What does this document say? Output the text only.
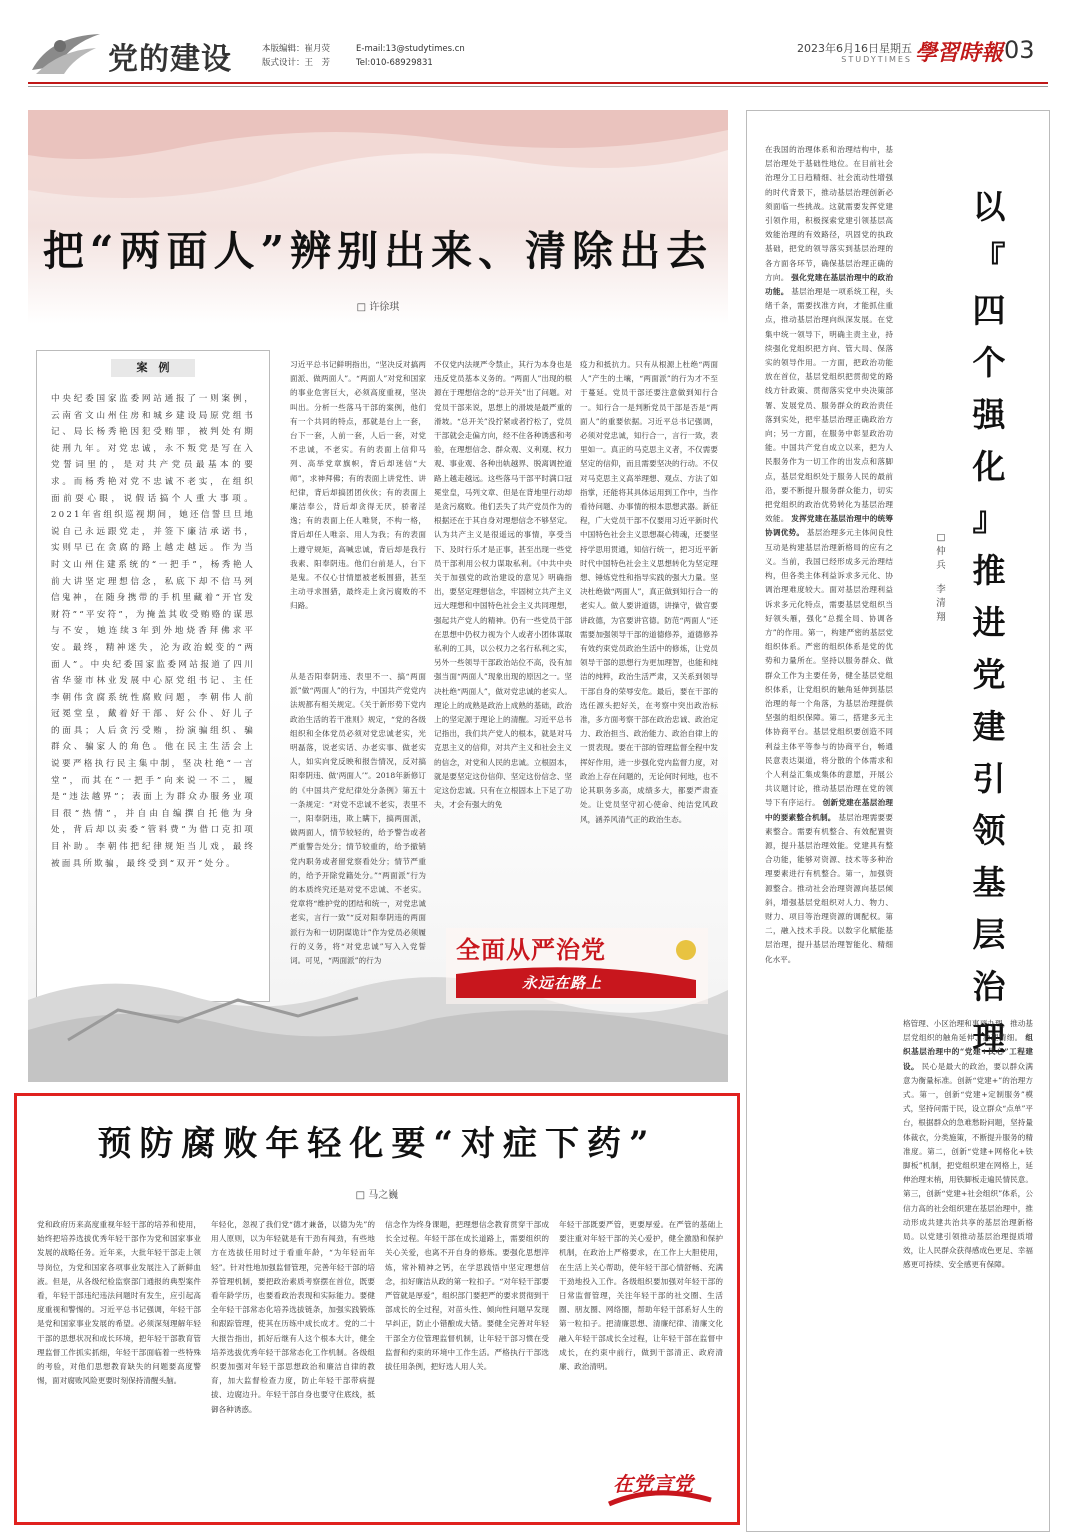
党的建设	本版编辑：崔月荧
版式设计：王　芳
E-mail:13@studytimes.cn
Tel:010-68929831
2023年6月16日星期五
STUDYTIMES 學習時報 03
把“两面人”辨别出来、清除出去
□ 许徐琪
案　例
中央纪委国家监委网站通报了一则案例，云南省文山州住房和城乡建设局原党组书记、局长杨秀艳因犯受贿罪，被判处有期徒刑九年。对党忠诚，永不叛党是写在入党誓词里的，是对共产党员最基本的要求。而杨秀艳对党不忠诚不老实，在组织面前耍心眼，说假话搞个人重大事项。2021年省组织巡视期间，她还信誓旦旦地说自己永远跟党走，并签下廉洁承诺书，实则早已在贪腐的路上越走越远。作为当时文山州住建系统的“一把手”，杨秀艳人前大讲坚定理想信念，私底下却不信马列信鬼神，在随身携带的手机里藏着“开官发财符”“平安符”，为掩盖其收受贿赂的谋思与不安，她连续3年到外地烧香拜佛求平安。最终，精神迷失，沦为政治蜕变的“两面人”。中央纪委国家监委网站报道了四川省华蓥市林业发展中心原党组书记、主任李朝伟贪腐系统性腐败问题，李朝伟人前冠冕堂皇，戴着好干部、好公仆、好儿子的面具；人后贪污受贿，扮演骗组织、骗群众、骗家人的角色。他在民主生活会上说要严格执行民主集中制，坚决杜绝“一言堂”，而其在“一把手”向来说一不二，履是“违法越界”；表面上为群众办服务业项目很“热情”，并自由自编撰自托他为身处，背后却以卖委“管料费”为借口克扣项目补助。李朝伟把纪律规矩当儿戏，最终被面具所欺骗，最终受到“双开”处分。
习近平总书记鲜明指出，“坚决反对搞两面派、做两面人”。“两面人”对党和国家的事业危害巨大，必须高度重视，坚决叫出。分析一些落马干部的案例，他们有一个共同的特点，那就是台上一套，台下一套，人前一套，人后一套，对党不忠诚，不老实。有的表面上信仰马列、高举党章旗帜，背后却迷信“大师”，求神拜佛；有的表面上讲党性、讲纪律，背后却搞团团伙伙；有的表面上廉洁奉公，背后却贪得无厌，骄奢淫逸；有的表面上任人唯贤，不构一格，背后却任人唯亲、用人为我；有的表面上遵守规矩，高喊忠诚，背后却是我行我素、阳奉阴违。他们台前是人，台下是鬼。不仅心甘情愿被老板围猎，甚至主动寻求围猎，最终走上贪污腐败的不归路。
从是否阳奉阴违、表里不一、搞“两面派”做“两面人”的行为，中国共产党党内法规都有相关规定。《关于新形势下党内政治生活的若干准则》规定，“党的各级组织和全体党员必须对党忠诚老实，光明磊落，说老实话、办老实事、做老实人，如实向党反映和报告情况，反对搞阳奉阴违、做‘两面人’”。2018年新修订的《中国共产党纪律处分条例》第五十一条规定：“对党不忠诚不老实，表里不一，阳奉阴违，欺上瞒下，搞两面派，做两面人，情节较轻的，给予警告或者严重警告处分；情节较重的，给予撤销党内职务或者留党察看处分；情节严重的，给予开除党籍处分。”“两面派”行为的本质终究还是对党不忠诚、不老实。党章将“维护党的团结和统一，对党忠诚老实，言行一致”“反对阳奉阴违的两面派行为和一切阴谋诡计”作为党员必须履行的义务，将“对党忠诚”写入入党誓词。可见，“两面派”的行为
不仅党内法规严令禁止，其行为本身也是违反党员基本义务的。“两面人”出现的根源在于理想信念的“总开关”出了问题。对党员干部来说，思想上的滑坡是最严重的滑坡。“总开关”没拧紧或者拧松了，党员干部就会走偏方向，经不住各种诱惑和考验，在理想信念、群众观、义利观、权力观、事业观、各种出轨越界、脱离调控道路上越走越远。这些落马干部平时满口冠冕堂皇，马列文章、但是在背地里行动却是贪污腐败。他们丢失了共产党员作为的根据还在于其自身对理想信念不够坚定。认为共产主义是很遥远的事情，享受当下、及时行乐才是正事，甚至出现一些党员干部利用公权力谋取私利。《中共中央关于加强党的政治建设的意见》明确指出，要坚定理想信念，牢固树立共产主义远大理想和中国特色社会主义共同理想，强起共产党人的精神。仍有一些党员干部在思想中仍权力视为个人或者小团体谋取私利的工具，以公权力之名行私利之实，另外一些领导干部政治站位不高，没有加强当面“两面人”现象出现的原因之一。坚决杜绝“两面人”，做对党忠诚的老实人。理论上的成熟是政治上成熟的基础，政治上的坚定源于理论上的清醒。习近平总书记指出，我们共产党人的根本，就是对马克思主义的信仰，对共产主义和社会主义的信念，对党和人民的忠诚。立根固本，就是要坚定这份信仰、坚定这份信念、坚定这份忠诚。只有在立根固本上下足了功夫，才会有强大的免
疫力和抵抗力。只有从根源上杜绝“两面人”产生的土壤，“两面派”的行为才不至于蔓延。党员干部还要注意做到知行合一。知行合一是判断党员干部是否是“两面人”的重要依据。习近平总书记强调，必须对党忠诚，知行合一，言行一致，表里如一。真正的马克思主义者，不仅需要坚定的信仰，而且需要坚决的行动。不仅对马克思主义高举理想、观点、方法了如指掌，还能将其具体运用到工作中，当作看待问题、办事情的根本思想武器。新征程，广大党员干部不仅要用习近平新时代中国特色社会主义思想凝心铸魂，还要坚持学思用贯通，知信行统一，把习近平新时代中国特色社会主义思想转化为坚定理想、锤炼党性和指导实践的强大力量。坚决杜绝做“两面人”，真正做到知行合一的老实人。做人要讲道德，讲操守，做官要讲政德，为官要讲官德。防范“两面人”还需要加强领导干部的道德修养，道德修养有效约束党员政治生活中的修炼，让党员领导干部的思想行为更加理智，也能和纯洁的纯粹，政治生活严肃，又关系到领导干部自身的荣辱安危。最后，要在干部的选任源头把好关，在考察中突出政治标准，多方面考察干部在政治忠诚、政治定力、政治担当、政治能力、政治自律上的一贯表现。要在干部的管理监督全程中发挥好作用，进一步强化党内监督力度，对政治上存在问题的，无论何时何地，也不论其职务多高，成绩多大，都要严肃查处。让党员坚守初心使命、纯洁党风政风，涵养风清气正的政治生态。
全面从严治党
永远在路上
预防腐败年轻化要“对症下药”
□ 马之巍
党和政府历来高度重视年轻干部的培养和使用，始终把培养选拔优秀年轻干部作为党和国家事业发展的战略任务。近年来，大批年轻干部走上领导岗位，为党和国家各项事业发展注入了新鲜血液。但是，从各级纪检监察部门通报的典型案件看，年轻干部违纪违法问题时有发生，应引起高度重视和警惕的。习近平总书记强调，年轻干部是党和国家事业发展的希望。必须深刻理解年轻干部的思想状况和成长环境，把年轻干部教育管理监督工作抓实抓细，年轻干部面临着一些特殊的考验，对他们思想教育缺失的问题要高度警惕，面对腐败风险更要时刻保持清醒头脑。
年轻化，忽视了我们党“德才兼备，以德为先”的用人原则，以为年轻就是有干劲有闯劲，有些地方在选拔任用时过于看重年龄，“为年轻而年轻”。针对性地加强监督管理，完善年轻干部的培养管理机制，要把政治素质考察摆在首位，既要看年龄学历，也要看政治表现和实际能力。要健全年轻干部常态化培养选拔链条，加强实践锻炼和跟踪管理，使其在历练中成长成才。党的二十大报告指出，抓好后继有人这个根本大计，健全培养选拔优秀年轻干部常态化工作机制。各级组织要加强对年轻干部思想政治和廉洁自律的教育，加大监督检查力度，防止年轻干部带病提拔、边腐边升。年轻干部自身也要守住底线，抵御各种诱惑。
信念作为终身课题，把理想信念教育贯穿干部成长全过程。年轻干部在成长道路上，需要组织的关心关爱，也离不开自身的修炼。要强化思想淬炼，常补精神之钙，在学思践悟中坚定理想信念，扣好廉洁从政的第一粒扣子。“对年轻干部要严管就是厚爱”，组织部门要把严的要求贯彻到干部成长的全过程，对苗头性、倾向性问题早发现早纠正，防止小错酿成大错。要健全完善对年轻干部全方位管理监督机制，让年轻干部习惯在受监督和约束的环境中工作生活。严格执行干部选拔任用条例，把好选人用人关。
年轻干部既要严管，更要厚爱。在严管的基础上要注重对年轻干部的关心爱护，健全激励和保护机制，在政治上严格要求，在工作上大胆使用，在生活上关心帮助，使年轻干部心情舒畅、充满干劲地投入工作。各级组织要加强对年轻干部的日常监督管理，关注年轻干部的社交圈、生活圈、朋友圈、网络圈，帮助年轻干部系好人生的第一粒扣子。把清廉思想、清廉纪律、清廉文化融入年轻干部成长全过程，让年轻干部在监督中成长，在约束中前行，做到干部清正、政府清廉、政治清明。
在党言党
以
『
四
个
强
化
』
推
进
党
建
引
领
基
层
治
理
□
仲
兵
李
清
翔
在我国的治理体系和治理结构中，基层治理处于基础性地位。在目前社会治理分工日趋精细、社会流动性增强的时代背景下，推动基层治理创新必须面临一些挑战。这就需要发挥党建引领作用，积极探索党建引领基层高效能治理的有效路径，巩固党的执政基础，把党的领导落实到基层治理的各方面各环节，确保基层治理正确的方向。 强化党建在基层治理中的政治功能。 基层治理是一项系统工程，头绪千条，需要找准方向，才能抓住重点，推动基层治理向纵深发展。在党集中统一领导下，明确主责主业，持续强化党组织把方向、管大局、保落实的领导作用。一方面，把政治功能放在首位，基层党组织把贯彻党的路线方针政策、贯彻落实党中央决策部署、发展党员、服务群众的政治责任落到实处，把牢基层治理正确政治方向；另一方面，在服务中彰显政治功能。中国共产党自成立以来，把为人民服务作为一切工作的出发点和落脚点，基层党组织处于服务人民的最前沿，要不断提升服务群众能力，切实把党组织的政治优势转化为基层治理效能。 发挥党建在基层治理中的统筹协调优势。 基层治理多元主体间良性互动是构建基层治理新格局的应有之义。当前，我国已经形成多元治理结构，但各类主体利益诉求多元化、协调治理难度较大。面对基层治理利益诉求多元化特点，需要基层党组织当好领头雁，强化“总揽全局、协调各方”的作用。第一，构建严密的基层党组织体系。严密的组织体系是党的优势和力量所在。坚持以服务群众、做群众工作为主要任务，健全基层党组织体系，让党组织的触角延伸到基层治理的每一个角落，为基层治理提供坚强的组织保障。第二，搭建多元主体协商平台。基层党组织要创造不同利益主体平等参与的协商平台，畅通民意表达渠道，将分散的个体需求和个人利益汇集成集体的意愿，开展公共议题讨论，推动基层治理在党的领导下有序运行。 创新党建在基层治理中的要素整合机制。 基层治理需要要素整合。需要有机整合、有效配置资源，提升基层治理效能。党建具有整合功能，能够对资源、技术等多种治理要素进行有机整合。第一，加强资源整合。推动社会治理资源向基层倾斜，增强基层党组织对人力、物力、财力、项目等治理资源的调配权。第二，融入技术手段。以数字化赋能基层治理，提升基层治理智能化、精细化水平。
格管理、小区治理和事项办理，推动基层党组织的触角延伸、治理精细。 组织基层治理中的“党建+民心”工程建设。 民心是最大的政治，要以群众满意为衡量标准。创新“党建+”的治理方式。第一，创新“党建+定制服务”模式，坚持问需于民，设立群众“点单”平台，根据群众的急难愁盼问题，坚持量体裁衣，分类施策，不断提升服务的精准度。第二，创新“党建+网格化+铁脚板”机制，把党组织建在网格上，延伸治理末梢，用铁脚板走遍民情民意。第三，创新“党建+社会组织”体系，公信力高的社会组织建在基层治理中，推动形成共建共治共享的基层治理新格局。以党建引领推动基层治理提质增效，让人民群众获得感成色更足、幸福感更可持续、安全感更有保障。
